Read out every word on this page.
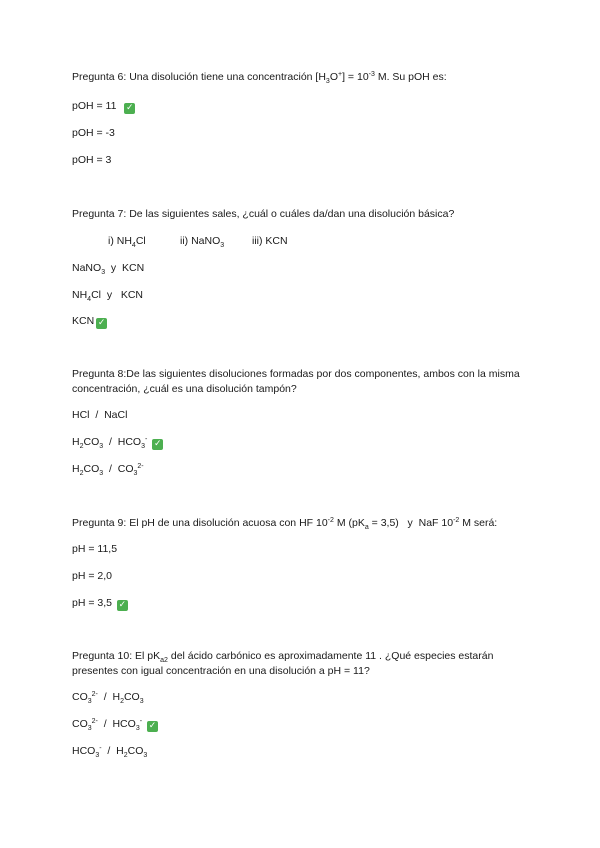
Pregunta 6: Una disolución tiene una concentración $[H_3O^+] = 10^{-3}$ M. Su pOH es:
pOH = 11 ✓
pOH = -3
pOH = 3
Pregunta 7: De las siguientes sales, ¿cuál o cuáles da/dan una disolución básica?
i) $NH_4Cl$	ii) NaNO$_3$	iii) KCN
NaNO$_3$  y  KCN
$NH_4Cl$  y   KCN
KCN ✓
Pregunta 8:De las siguientes disoluciones formadas por dos componentes, ambos con la misma concentración, ¿cuál es una disolución tampón?
HCl  /  NaCl
$H_2CO_3 / HCO_3^-$ ✓
$H_2CO_3 / CO_3^{2-}$
Pregunta 9: El pH de una disolución acuosa con HF $10^{-2}$ M $(pK_a = 3,5)$   y  NaF $10^{-2}$ M será:
pH = 11,5
pH = 2,0
pH = 3,5 ✓
Pregunta 10: El $pK_{a2}$ del ácido carbónico es aproximadamente 11 . ¿Qué especies estarán presentes con igual concentración en una disolución a pH = 11?
$CO_3^{2-} / H_2CO_3$
$CO_3^{2-} / HCO_3^-$ ✓
$HCO_3^- / H_2CO_3$
